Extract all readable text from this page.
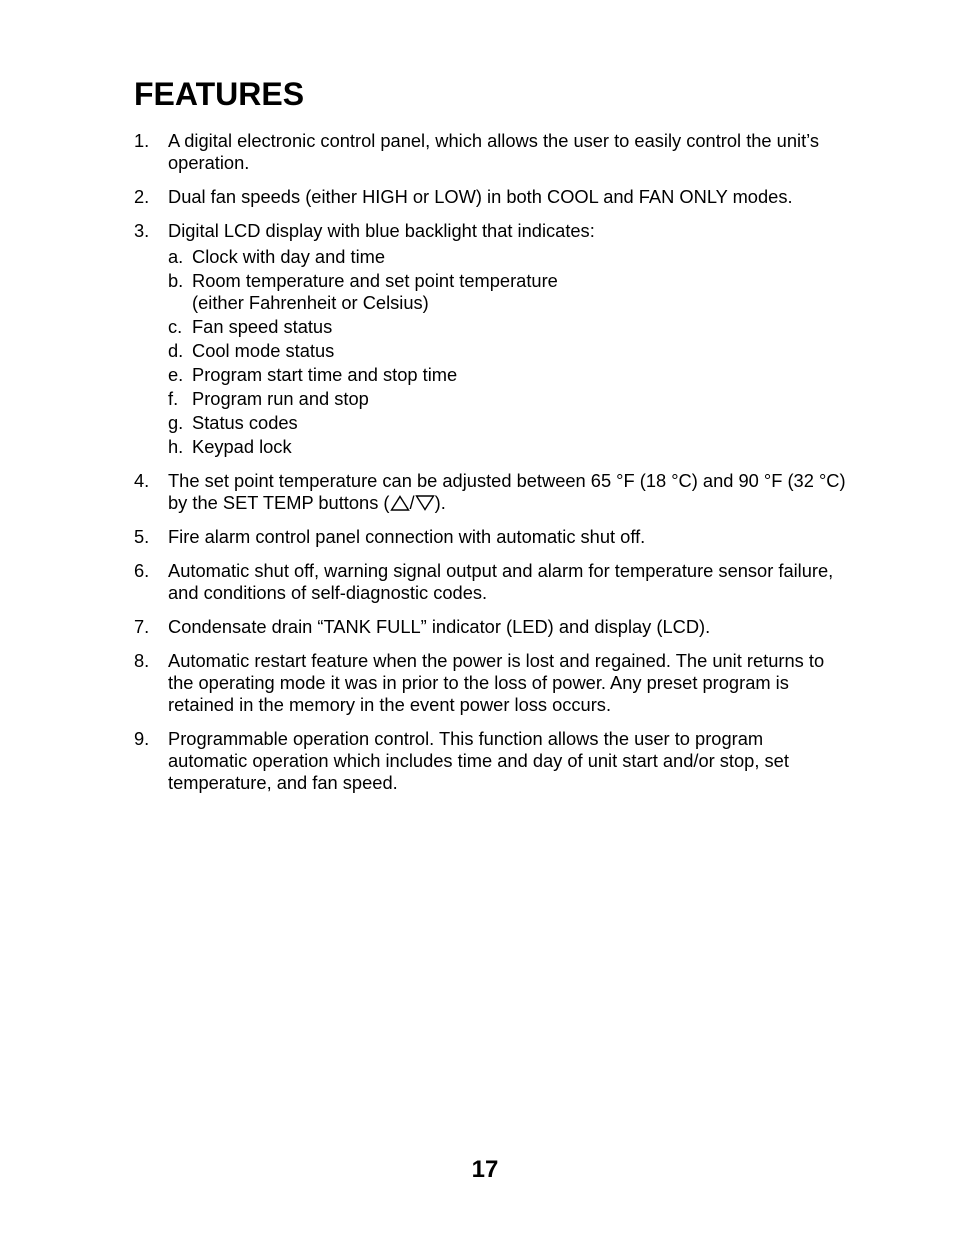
FEATURES
1. A digital electronic control panel, which allows the user to easily control the unit’s operation.
2. Dual fan speeds (either HIGH or LOW) in both COOL and FAN ONLY modes.
3. Digital LCD display with blue backlight that indicates:
a. Clock with day and time
b. Room temperature and set point temperature
(either Fahrenheit or Celsius)
c. Fan speed status
d. Cool mode status
e. Program start time and stop time
f. Program run and stop
g. Status codes
h. Keypad lock
4. The set point temperature can be adjusted between 65 °F (18 °C) and 90 °F (32 °C) by the SET TEMP buttons ( / ).
5. Fire alarm control panel connection with automatic shut off.
6. Automatic shut off, warning signal output and alarm for temperature sensor failure, and conditions of self-diagnostic codes.
7. Condensate drain “TANK FULL” indicator (LED) and display (LCD).
8. Automatic restart feature when the power is lost and regained. The unit returns to the operating mode it was in prior to the loss of power. Any preset program is retained in the memory in the event power loss occurs.
9. Programmable operation control. This function allows the user to program automatic operation which includes time and day of unit start and/or stop, set temperature, and fan speed.
17
